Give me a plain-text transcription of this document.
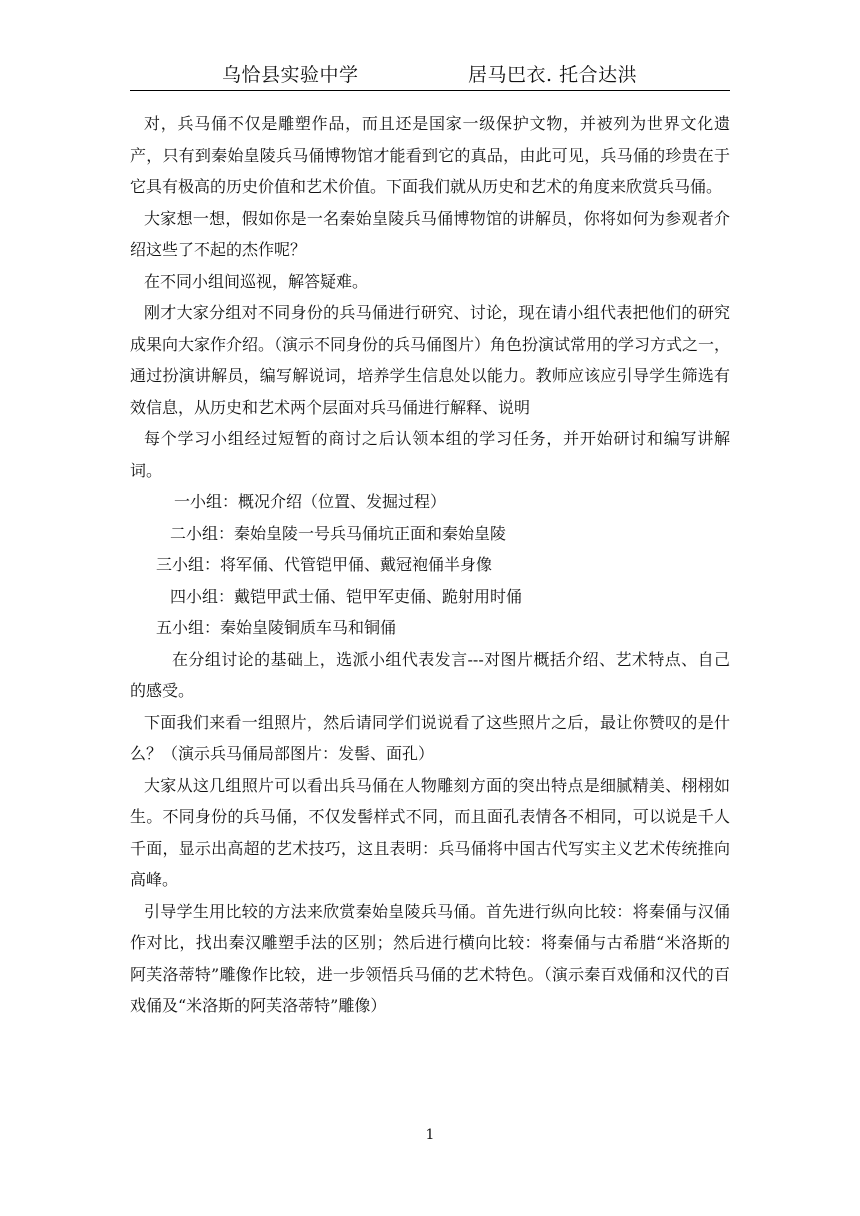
乌恰县实验中学	居马巴衣. 托合达洪

对，兵马俑不仅是雕塑作品，而且还是国家一级保护文物，并被列为世界文化遗产，只有到秦始皇陵兵马俑博物馆才能看到它的真品，由此可见，兵马俑的珍贵在于它具有极高的历史价值和艺术价值。下面我们就从历史和艺术的角度来欣赏兵马俑。

大家想一想，假如你是一名秦始皇陵兵马俑博物馆的讲解员，你将如何为参观者介绍这些了不起的杰作呢？

在不同小组间巡视，解答疑难。

刚才大家分组对不同身份的兵马俑进行研究、讨论，现在请小组代表把他们的研究成果向大家作介绍。（演示不同身份的兵马俑图片）角色扮演试常用的学习方式之一，通过扮演讲解员，编写解说词，培养学生信息处以能力。教师应该应引导学生筛选有效信息，从历史和艺术两个层面对兵马俑进行解释、说明

每个学习小组经过短暂的商讨之后认领本组的学习任务，并开始研讨和编写讲解词。

一小组：概况介绍（位置、发掘过程）

二小组：秦始皇陵一号兵马俑坑正面和秦始皇陵

三小组：将军俑、代管铠甲俑、戴冠袍俑半身像

四小组：戴铠甲武士俑、铠甲军吏俑、跪射用时俑

五小组：秦始皇陵铜质车马和铜俑

在分组讨论的基础上，选派小组代表发言---对图片概括介绍、艺术特点、自己的感受。

下面我们来看一组照片，然后请同学们说说看了这些照片之后，最让你赞叹的是什么？（演示兵马俑局部图片：发髻、面孔）

大家从这几组照片可以看出兵马俑在人物雕刻方面的突出特点是细腻精美、栩栩如生。不同身份的兵马俑，不仅发髻样式不同，而且面孔表情各不相同，可以说是千人千面，显示出高超的艺术技巧，这且表明：兵马俑将中国古代写实主义艺术传统推向高峰。

引导学生用比较的方法来欣赏秦始皇陵兵马俑。首先进行纵向比较：将秦俑与汉俑作对比，找出秦汉雕塑手法的区别；然后进行横向比较：将秦俑与古希腊“米洛斯的阿芙洛蒂特”雕像作比较，进一步领悟兵马俑的艺术特色。（演示秦百戏俑和汉代的百戏俑及“米洛斯的阿芙洛蒂特”雕像）

1
